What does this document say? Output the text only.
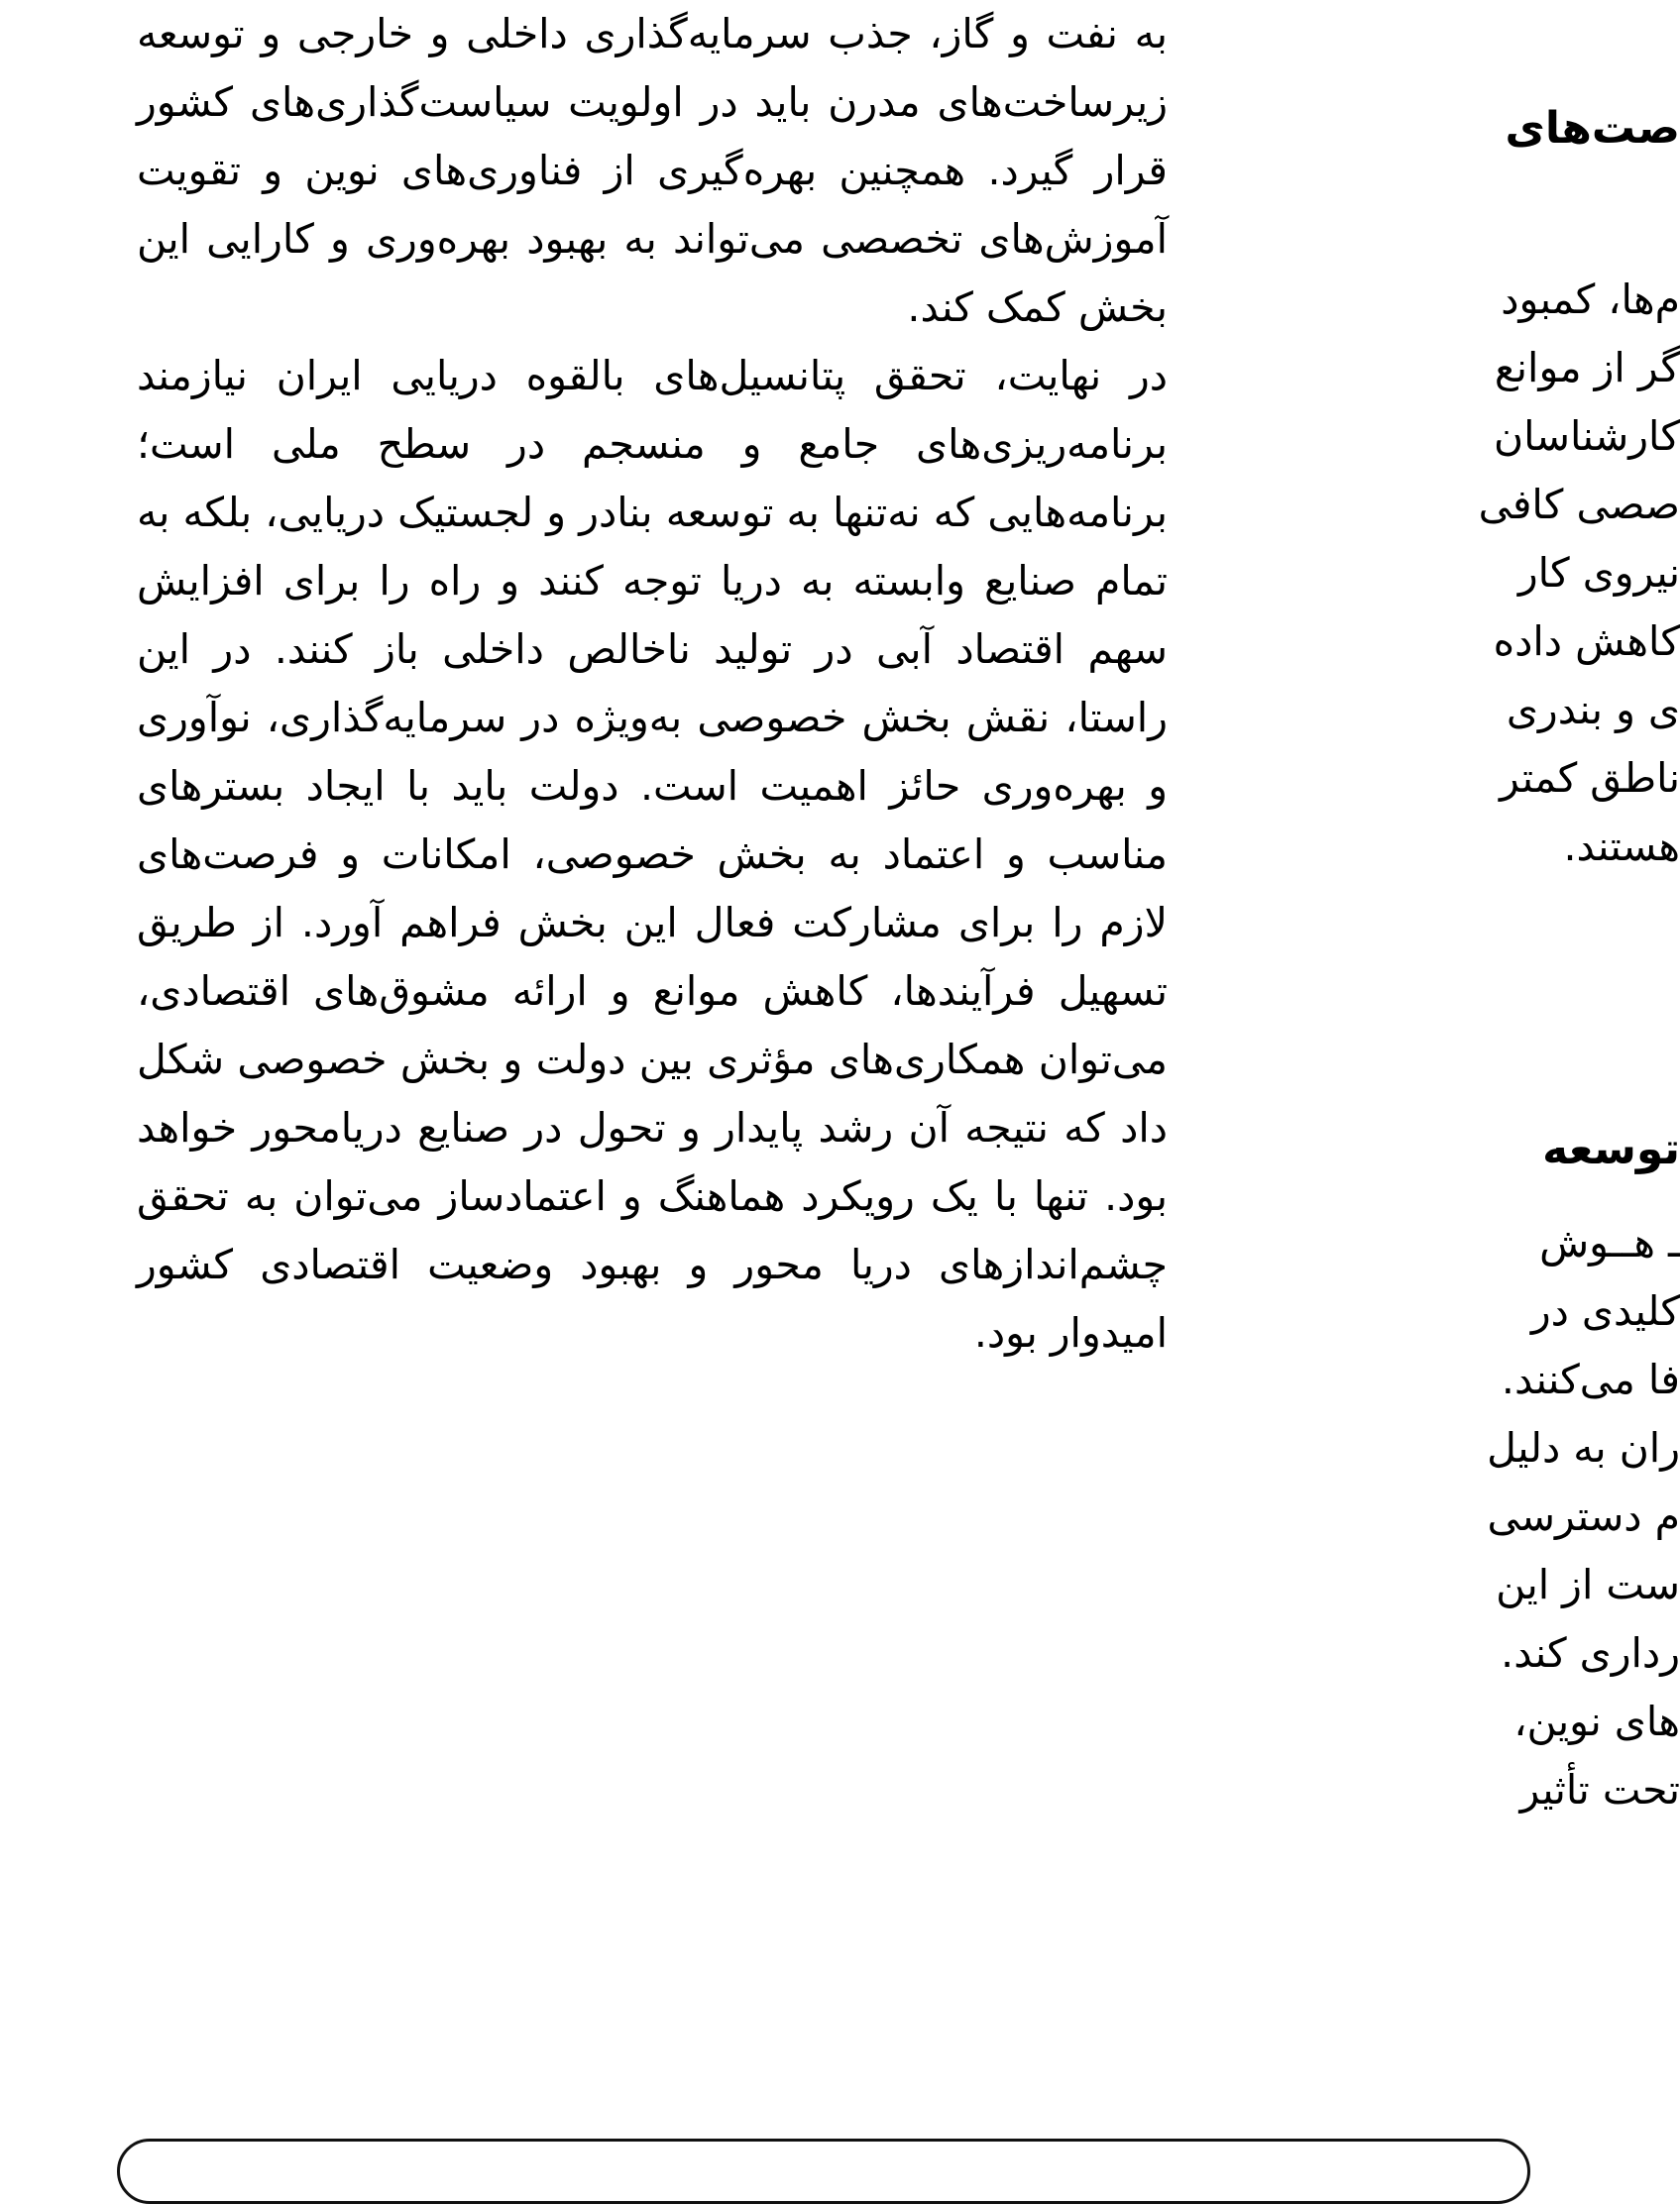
به نفت و گاز، جذب سرمایه‌گذاری داخلی و خارجی و توسعه زیرساخت‌های مدرن باید در اولویت سیاست‌گذاری‌های کشور قرار گیرد. همچنین بهره‌گیری از فناوری‌های نوین و تقویت آموزش‌های تخصصی می‌تواند به بهبود بهره‌وری و کارایی این بخش کمک کند.

در نهایت، تحقق پتانسیل‌های بالقوه دریایی ایران نیازمند برنامه‌ریزی‌های جامع و منسجم در سطح ملی است؛ برنامه‌هایی که نه‌تنها به توسعه بنادر و لجستیک دریایی، بلکه به تمام صنایع وابسته به دریا توجه کنند و راه را برای افزایش سهم اقتصاد آبی در تولید ناخالص داخلی باز کنند. در این راستا، نقش بخش خصوصی به‌ویژه در سرمایه‌گذاری، نوآوری و بهره‌وری حائز اهمیت است. دولت باید با ایجاد بسترهای مناسب و اعتماد به بخش خصوصی، امکانات و فرصت‌های لازم را برای مشارکت فعال این بخش فراهم آورد. از طریق تسهیل فرآیندها، کاهش موانع و ارائه مشوق‌های اقتصادی، می‌توان همکاری‌های مؤثری بین دولت و بخش خصوصی شکل داد که نتیجه آن رشد پایدار و تحول در صنایع دریامحور خواهد بود. تنها با یک رویکرد هماهنگ و اعتمادساز می‌توان به تحقق چشم‌اندازهای دریا محور و بهبود وضعیت اقتصادی کشور امیدوار بود.

صت‌های
م‌ها، کمبود
گر از موانع
کارشناسان
صصی کافی
نیروی کار
کاهش داده
ی و بندری
ناطق کمتر
هستند.
توسعه
ـ هــوش
کلیدی در
فا می‌کنند.
ران به دلیل
م دسترسی
ست از این
رداری کند.
های نوین،
تحت تأثیر
